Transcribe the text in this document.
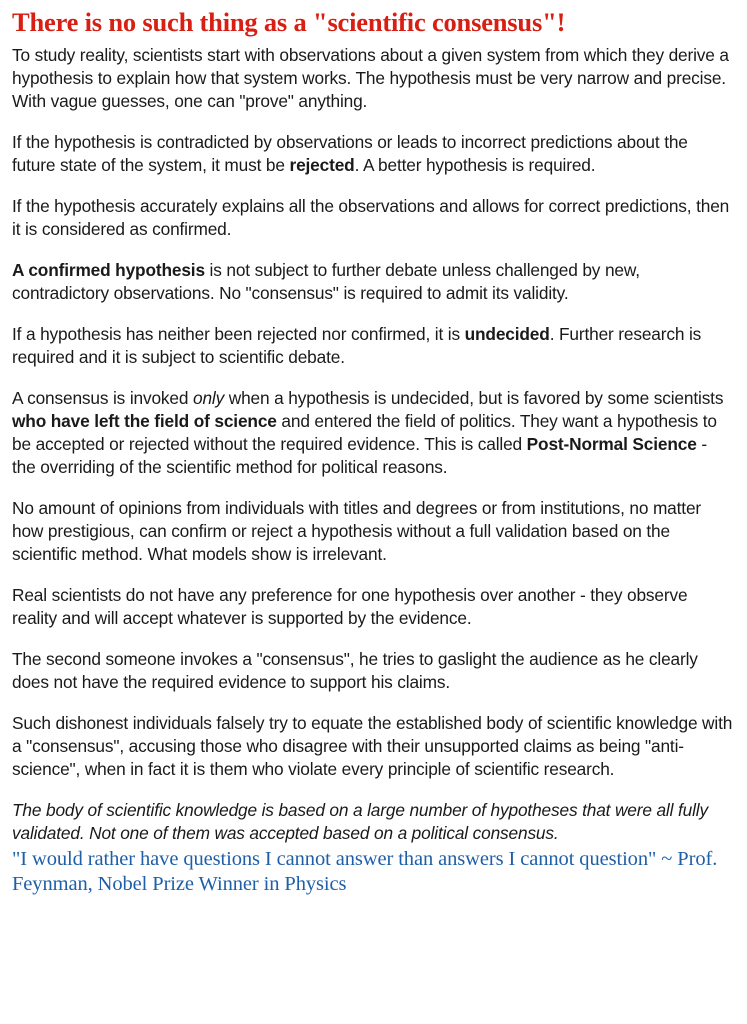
There is no such thing as a "scientific consensus"!

To study reality, scientists start with observations about a given system from which they derive a hypothesis to explain how that system works. The hypothesis must be very narrow and precise. With vague guesses, one can "prove" anything.

If the hypothesis is contradicted by observations or leads to incorrect predictions about the future state of the system, it must be rejected. A better hypothesis is required.

If the hypothesis accurately explains all the observations and allows for correct predictions, then it is considered as confirmed.

A confirmed hypothesis is not subject to further debate unless challenged by new, contradictory observations. No "consensus" is required to admit its validity.

If a hypothesis has neither been rejected nor confirmed, it is undecided. Further research is required and it is subject to scientific debate.

A consensus is invoked only when a hypothesis is undecided, but is favored by some scientists who have left the field of science and entered the field of politics. They want a hypothesis to be accepted or rejected without the required evidence. This is called Post-Normal Science - the overriding of the scientific method for political reasons.

No amount of opinions from individuals with titles and degrees or from institutions, no matter how prestigious, can confirm or reject a hypothesis without a full validation based on the scientific method. What models show is irrelevant.

Real scientists do not have any preference for one hypothesis over another - they observe reality and will accept whatever is supported by the evidence.

The second someone invokes a "consensus", he tries to gaslight the audience as he clearly does not have the required evidence to support his claims.

Such dishonest individuals falsely try to equate the established body of scientific knowledge with a "consensus", accusing those who disagree with their unsupported claims as being "anti-science", when in fact it is them who violate every principle of scientific research.

The body of scientific knowledge is based on a large number of hypotheses that were all fully validated. Not one of them was accepted based on a political consensus.

"I would rather have questions I cannot answer than answers I cannot question" ~ Prof. Feynman, Nobel Prize Winner in Physics
